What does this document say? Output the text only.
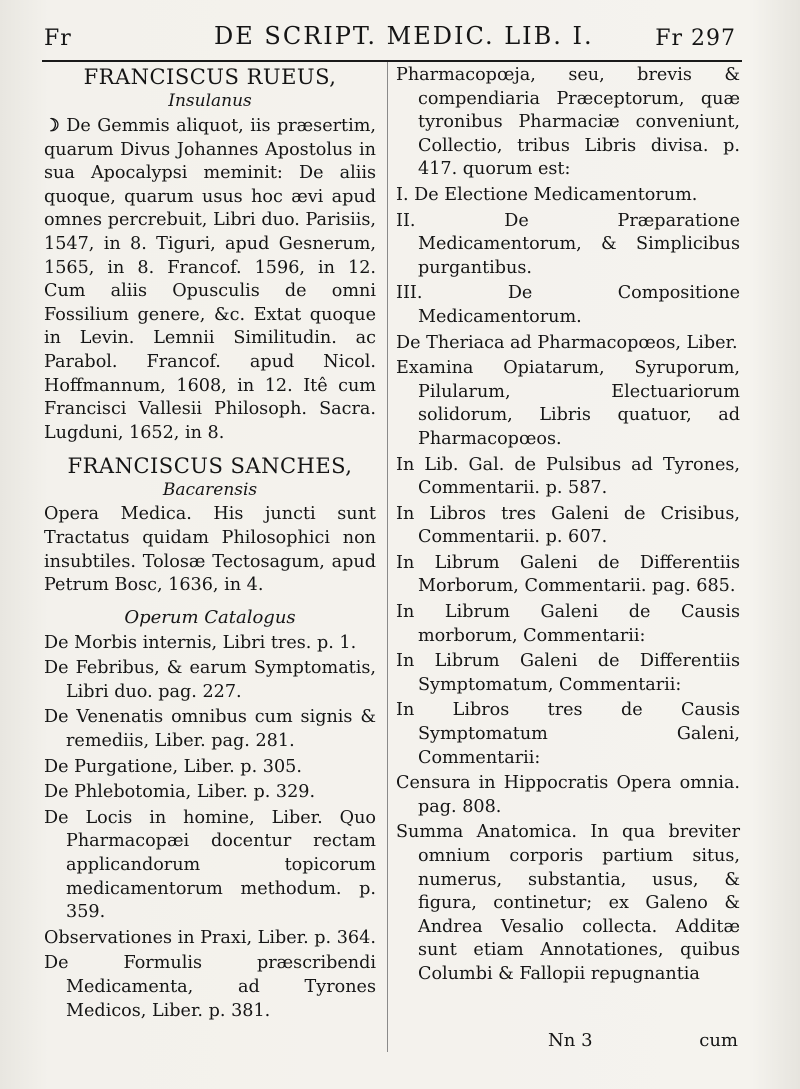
Fr	DE SCRIPT. MEDIC. LIB. I.	Fr 297

FRANCISCUS RUEUS,

Insulanus

☽ De Gemmis aliquot, iis præsertim, quarum Divus Johannes Apostolus in sua Apocalypsi meminit: De aliis quoque, quarum usus hoc ævi apud omnes percrebuit, Libri duo. Parisiis, 1547, in 8. Tiguri, apud Gesnerum, 1565, in 8. Francof. 1596, in 12. Cum aliis Opusculis de omni Fossilium genere, &c. Extat quoque in Levin. Lemnii Similitudin. ac Parabol. Francof. apud Nicol. Hoffmannum, 1608, in 12. Itê cum Francisci Vallesii Philosoph. Sacra. Lugduni, 1652, in 8.

FRANCISCUS SANCHES,

Bacarensis

Opera Medica. His juncti sunt Tractatus quidam Philosophici non insubtiles. Tolosæ Tectosagum, apud Petrum Bosc, 1636, in 4.

Operum Catalogus

De Morbis internis, Libri tres. p. 1.

De Febribus, & earum Symptomatis, Libri duo. pag. 227.

De Venenatis omnibus cum signis & remediis, Liber. pag. 281.

De Purgatione, Liber. p. 305.

De Phlebotomia, Liber. p. 329.

De Locis in homine, Liber. Quo Pharmacopæi docentur rectam applicandorum topicorum medicamentorum methodum. p. 359.

Observationes in Praxi, Liber. p. 364.

De Formulis præscribendi Medicamenta, ad Tyrones Medicos, Liber. p. 381.

Pharmacopœja, seu, brevis & compendiaria Præceptorum, quæ tyronibus Pharmaciæ conveniunt, Collectio, tribus Libris divisa. p. 417. quorum est:

I. De Electione Medicamentorum.

II. De Præparatione Medicamentorum, & Simplicibus purgantibus.

III. De Compositione Medicamentorum.

De Theriaca ad Pharmacopœos, Liber.

Examina Opiatarum, Syruporum, Pilularum, Electuariorum solidorum, Libris quatuor, ad Pharmacopœos.

In Lib. Gal. de Pulsibus ad Tyrones, Commentarii. p. 587.

In Libros tres Galeni de Crisibus, Commentarii. p. 607.

In Librum Galeni de Differentiis Morborum, Commentarii. pag. 685.

In Librum Galeni de Causis morborum, Commentarii:

In Librum Galeni de Differentiis Symptomatum, Commentarii:

In Libros tres de Causis Symptomatum Galeni, Commentarii:

Censura in Hippocratis Opera omnia. pag. 808.

Summa Anatomica. In qua breviter omnium corporis partium situs, numerus, substantia, usus, & figura, continetur; ex Galeno & Andrea Vesalio collecta. Additæ sunt etiam Annotationes, quibus Columbi & Fallopii repugnantia

Nn 3	cum
